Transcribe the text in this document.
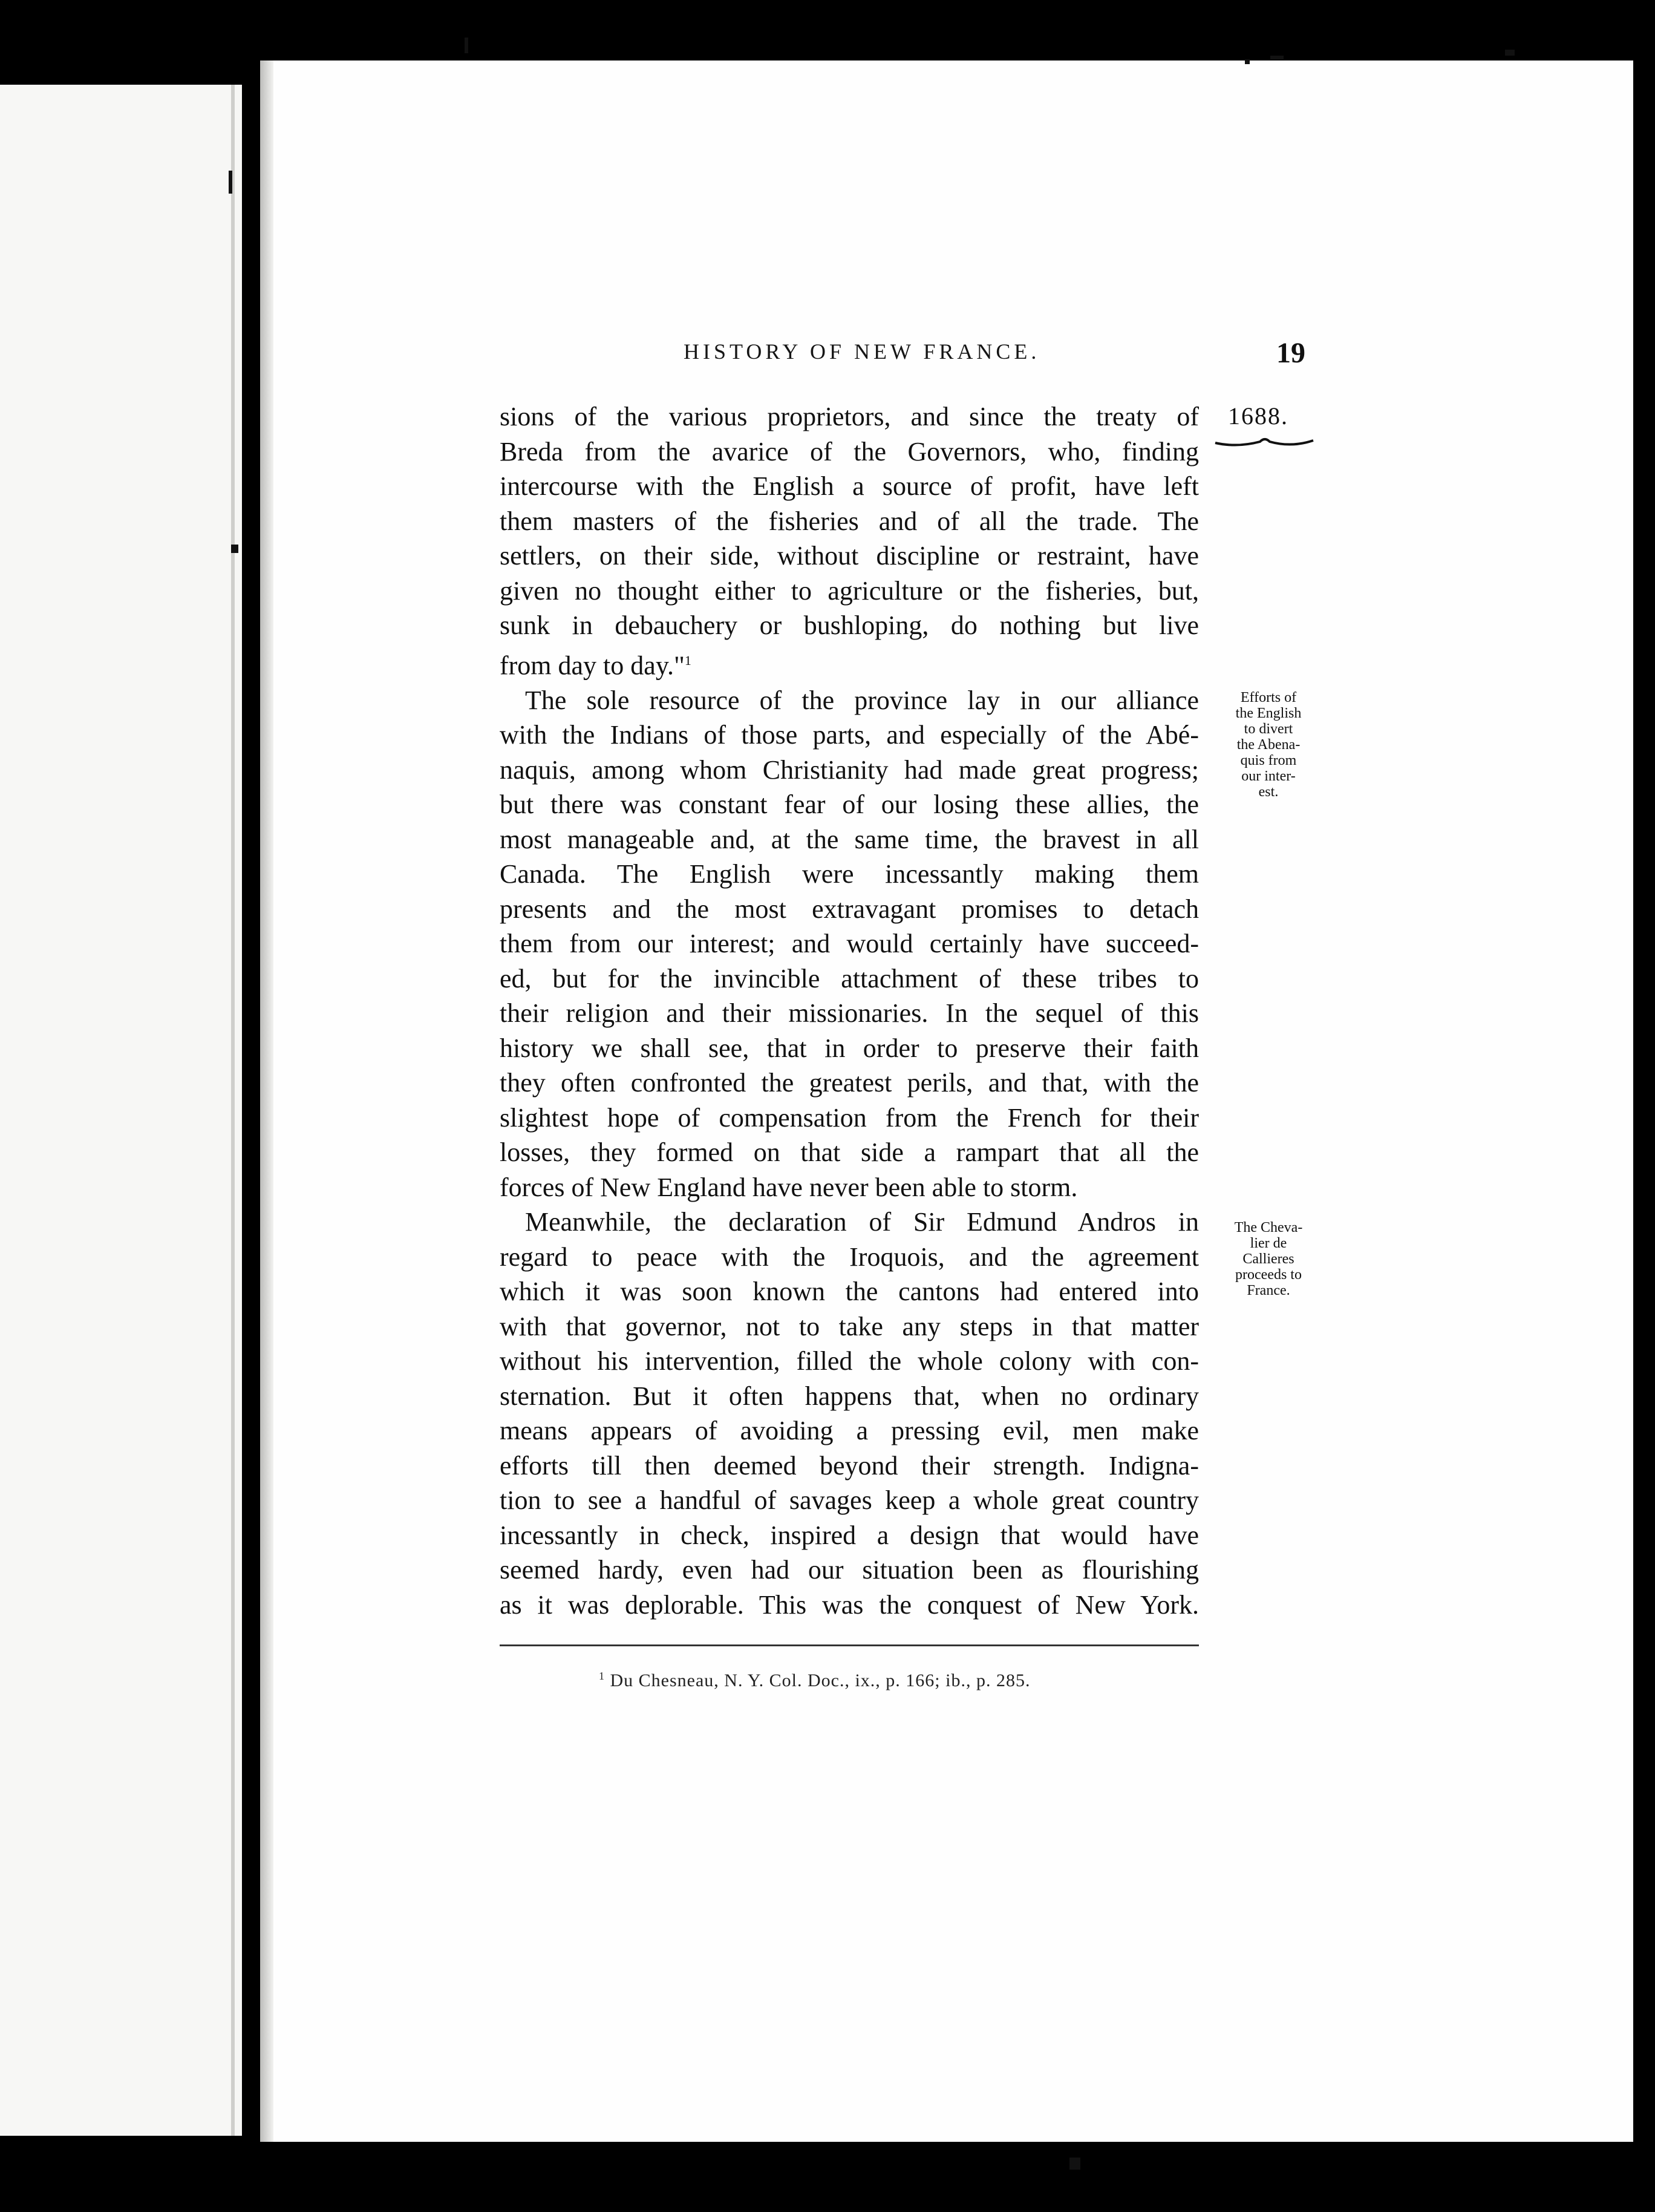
HISTORY OF NEW FRANCE.	19
1688.
sions of the various proprietors, and since the treaty of
Breda from the avarice of the Governors, who, finding
intercourse with the English a source of profit, have left
them masters of the fisheries and of all the trade. The
settlers, on their side, without discipline or restraint, have
given no thought either to agriculture or the fisheries, but,
sunk in debauchery or bushloping, do nothing but live
from day to day."$^1$
The sole resource of the province lay in our alliance
with the Indians of those parts, and especially of the Abé-
naquis, among whom Christianity had made great progress;
but there was constant fear of our losing these allies, the
most manageable and, at the same time, the bravest in all
Canada. The English were incessantly making them
presents and the most extravagant promises to detach
them from our interest; and would certainly have succeed-
ed, but for the invincible attachment of these tribes to
their religion and their missionaries. In the sequel of this
history we shall see, that in order to preserve their faith
they often confronted the greatest perils, and that, with the
slightest hope of compensation from the French for their
losses, they formed on that side a rampart that all the
forces of New England have never been able to storm.
Meanwhile, the declaration of Sir Edmund Andros in
regard to peace with the Iroquois, and the agreement
which it was soon known the cantons had entered into
with that governor, not to take any steps in that matter
without his intervention, filled the whole colony with con-
sternation. But it often happens that, when no ordinary
means appears of avoiding a pressing evil, men make
efforts till then deemed beyond their strength. Indigna-
tion to see a handful of savages keep a whole great country
incessantly in check, inspired a design that would have
seemed hardy, even had our situation been as flourishing
as it was deplorable. This was the conquest of New York.
Efforts of
the English
to divert
the Abena-
quis from
our inter-
est.
The Cheva-
lier de
Callieres
proceeds to
France.
$^1$ Du Chesneau, N. Y. Col. Doc., ix., p. 166; ib., p. 285.
